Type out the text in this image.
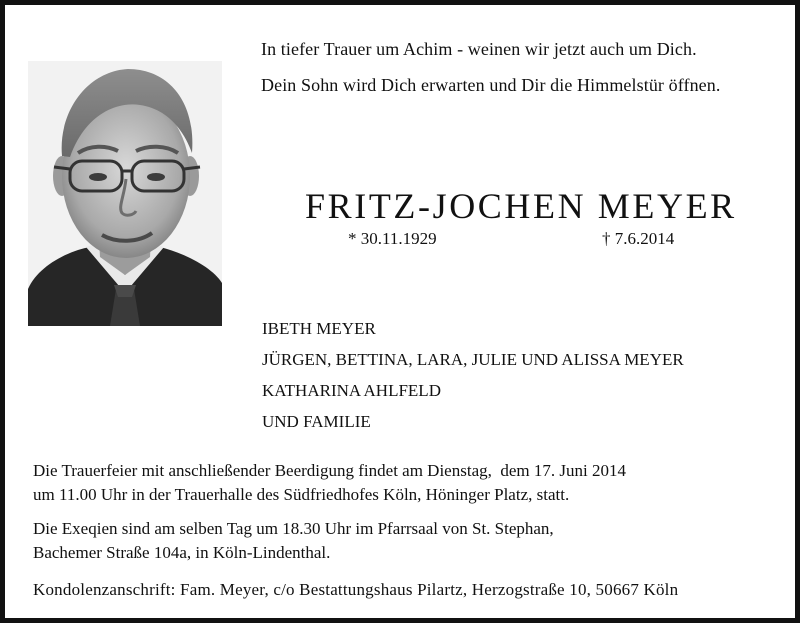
In tiefer Trauer um Achim - weinen wir jetzt auch um Dich.
Dein Sohn wird Dich erwarten und Dir die Himmelstür öffnen.
FRITZ-JOCHEN MEYER
* 30.11.1929	† 7.6.2014
IBETH MEYER
JÜRGEN, BETTINA, LARA, JULIE UND ALISSA MEYER
KATHARINA AHLFELD
UND FAMILIE
Die Trauerfeier mit anschließender Beerdigung findet am Dienstag,  dem 17. Juni 2014
um 11.00 Uhr in der Trauerhalle des Südfriedhofes Köln, Höninger Platz, statt.
Die Exeqien sind am selben Tag um 18.30 Uhr im Pfarrsaal von St. Stephan,
Bachemer Straße 104a, in Köln-Lindenthal.
Kondolenzanschrift: Fam. Meyer, c/o Bestattungshaus Pilartz, Herzogstraße 10, 50667 Köln
